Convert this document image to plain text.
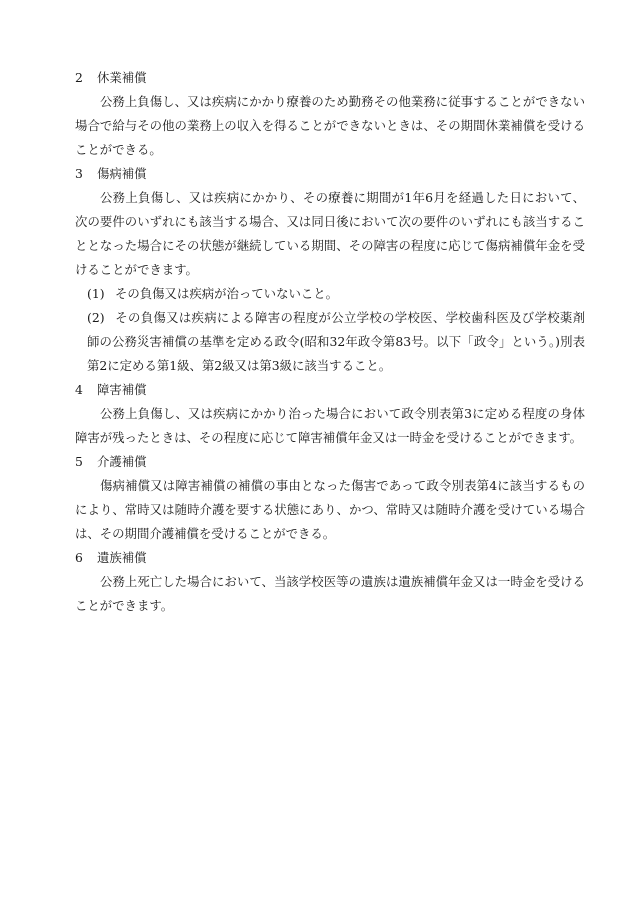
2 休業補償

公務上負傷し、又は疾病にかかり療養のため勤務その他業務に従事することができない場合で給与その他の業務上の収入を得ることができないときは、その期間休業補償を受けることができる。

3 傷病補償

公務上負傷し、又は疾病にかかり、その療養に期間が1年6月を経過した日において、次の要件のいずれにも該当する場合、又は同日後において次の要件のいずれにも該当することとなった場合にその状態が継続している期間、その障害の程度に応じて傷病補償年金を受けることができます。

(1) その負傷又は疾病が治っていないこと。

(2) その負傷又は疾病による障害の程度が公立学校の学校医、学校歯科医及び学校薬剤師の公務災害補償の基準を定める政令(昭和32年政令第83号。以下「政令」という。)別表第2に定める第1級、第2級又は第3級に該当すること。

4 障害補償

公務上負傷し、又は疾病にかかり治った場合において政令別表第3に定める程度の身体障害が残ったときは、その程度に応じて障害補償年金又は一時金を受けることができます。

5 介護補償

傷病補償又は障害補償の補償の事由となった傷害であって政令別表第4に該当するものにより、常時又は随時介護を要する状態にあり、かつ、常時又は随時介護を受けている場合は、その期間介護補償を受けることができる。

6 遺族補償

公務上死亡した場合において、当該学校医等の遺族は遺族補償年金又は一時金を受けることができます。
